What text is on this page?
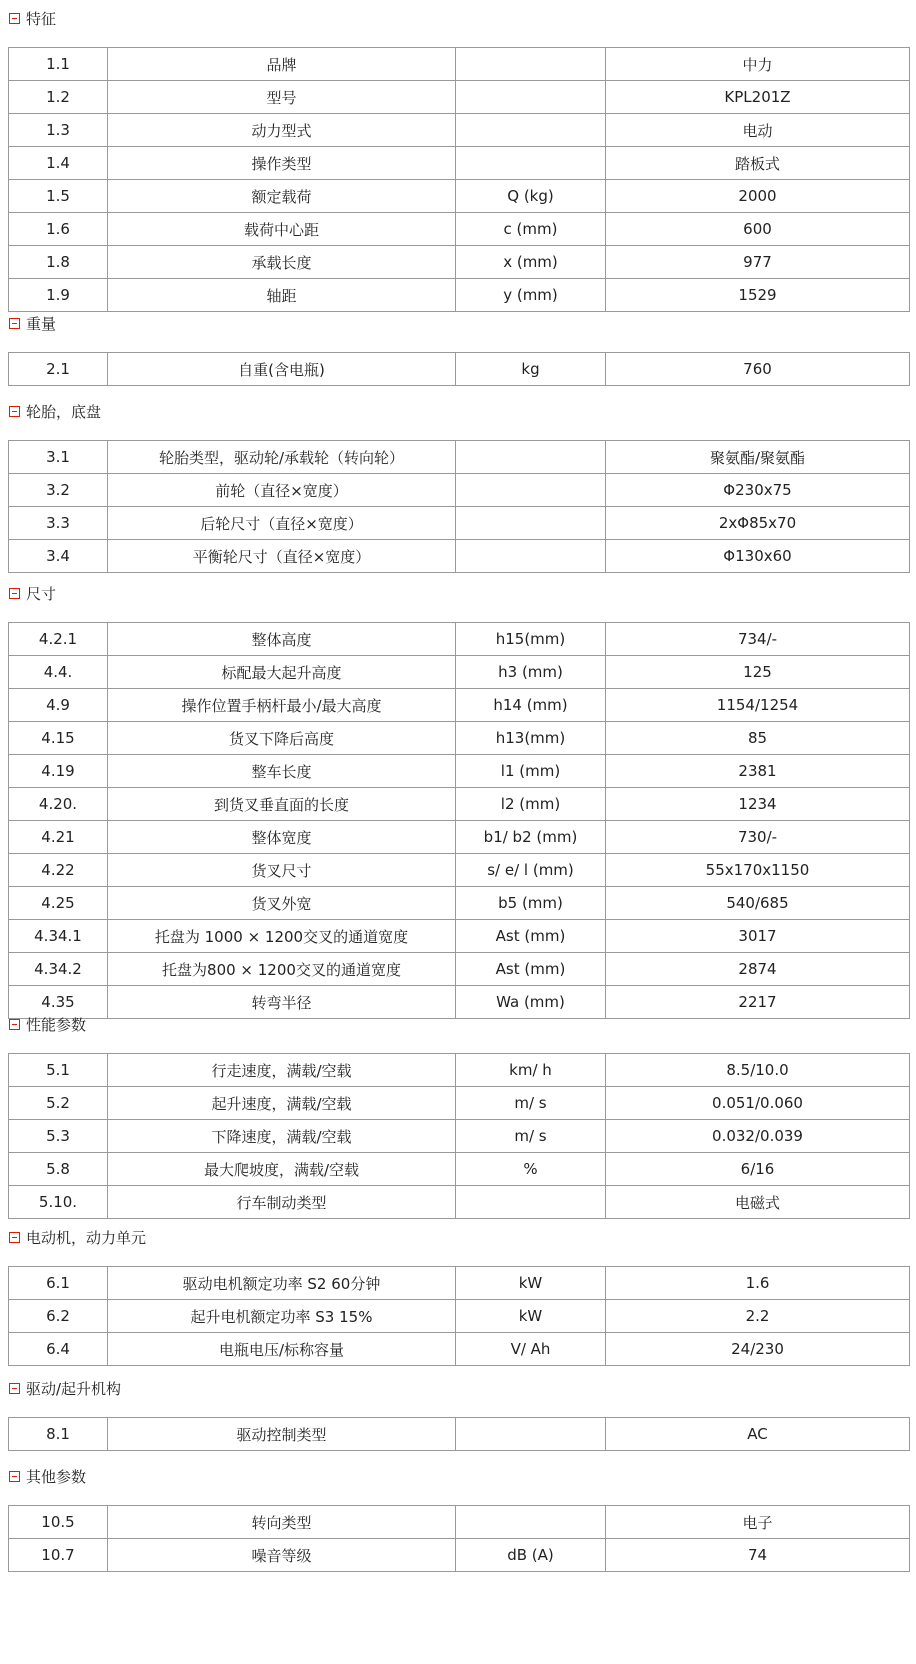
特征
1.1	品牌		中力
1.2	型号		KPL201Z
1.3	动力型式		电动
1.4	操作类型		踏板式
1.5	额定载荷	Q (kg)	2000
1.6	载荷中心距	c (mm)	600
1.8	承载长度	x (mm)	977
1.9	轴距	y (mm)	1529
重量
2.1	自重(含电瓶)	kg	760
轮胎，底盘
3.1	轮胎类型，驱动轮/承载轮（转向轮）		聚氨酯/聚氨酯
3.2	前轮（直径×宽度）		Φ230x75
3.3	后轮尺寸（直径×宽度）		2xΦ85x70
3.4	平衡轮尺寸（直径×宽度）		Φ130x60
尺寸
4.2.1	整体高度	h15(mm)	734/-
4.4.	标配最大起升高度	h3 (mm)	125
4.9	操作位置手柄杆最小/最大高度	h14 (mm)	1154/1254
4.15	货叉下降后高度	h13(mm)	85
4.19	整车长度	l1 (mm)	2381
4.20.	到货叉垂直面的长度	l2 (mm)	1234
4.21	整体宽度	b1/ b2 (mm)	730/-
4.22	货叉尺寸	s/ e/ l (mm)	55x170x1150
4.25	货叉外宽	b5 (mm)	540/685
4.34.1	托盘为 1000 × 1200交叉的通道宽度	Ast (mm)	3017
4.34.2	托盘为800 × 1200交叉的通道宽度	Ast (mm)	2874
4.35	转弯半径	Wa (mm)	2217
性能参数
5.1	行走速度，满载/空载	km/ h	8.5/10.0
5.2	起升速度，满载/空载	m/ s	0.051/0.060
5.3	下降速度，满载/空载	m/ s	0.032/0.039
5.8	最大爬坡度，满载/空载	%	6/16
5.10.	行车制动类型		电磁式
电动机，动力单元
6.1	驱动电机额定功率 S2 60分钟	kW	1.6
6.2	起升电机额定功率 S3 15%	kW	2.2
6.4	电瓶电压/标称容量	V/ Ah	24/230
驱动/起升机构
8.1	驱动控制类型		AC
其他参数
10.5	转向类型		电子
10.7	噪音等级	dB (A)	74
